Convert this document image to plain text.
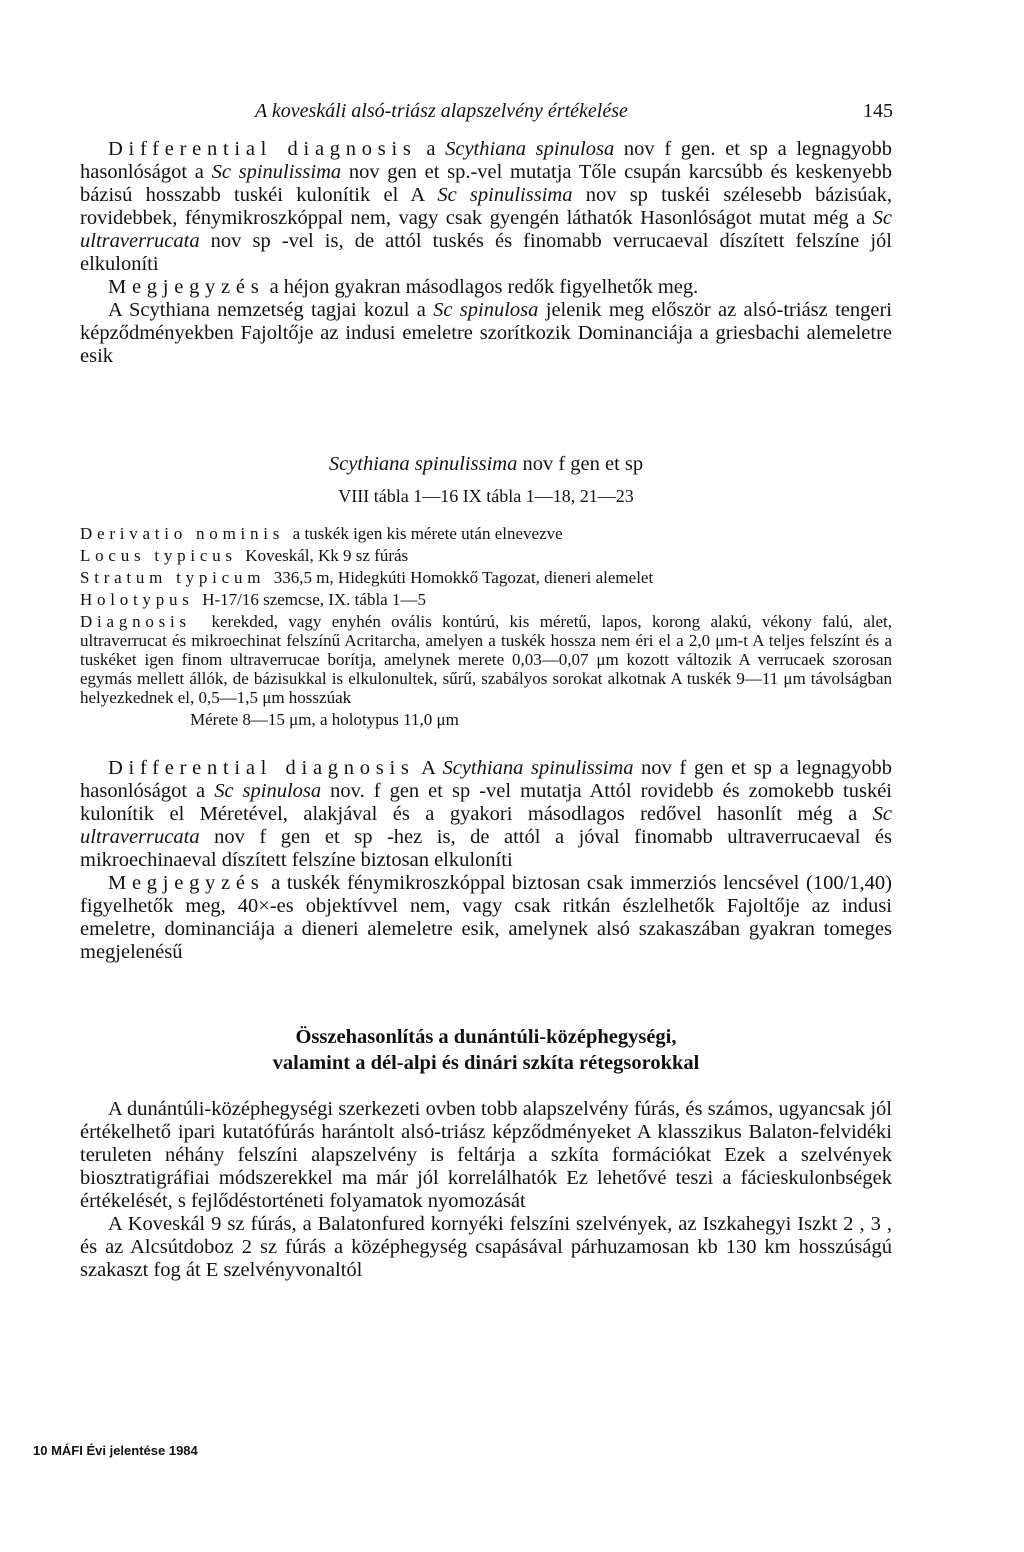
A koveskáli alsó-triász alapszelvény értékelése	145

Differential diagnosis a Scythiana spinulosa nov f gen. et sp a legnagyobb hasonlóságot a Sc spinulissima nov gen et sp.-vel mutatja Tőle csupán karcsúbb és keskenyebb bázisú hosszabb tuskéi kulonítik el A Sc spinulissima nov sp tuskéi szélesebb bázisúak, rovidebbek, fénymikroszkóppal nem, vagy csak gyengén láthatók Hasonlóságot mutat még a Sc ultraverrucata nov sp -vel is, de attól tuskés és finomabb verrucaeval díszített felszíne jól elkuloníti

Megjegyzés a héjon gyakran másodlagos redők figyelhetők meg.

A Scythiana nemzetség tagjai kozul a Sc spinulosa jelenik meg először az alsó-triász tengeri képződményekben Fajoltője az indusi emeletre szorítkozik Dominanciája a griesbachi alemeletre esik

Scythiana spinulissima nov f gen et sp

VIII tábla 1—16 IX tábla 1—18, 21—23

Derivatio nominis a tuskék igen kis mérete után elnevezve

Locus typicus Koveskál, Kk 9 sz fúrás

Stratum typicum 336,5 m, Hidegkúti Homokkő Tagozat, dieneri alemelet

Holotypus H-17/16 szemcse, IX. tábla 1—5

Diagnosis kerekded, vagy enyhén ovális kontúrú, kis méretű, lapos, korong alakú, vékony falú, alet, ultraverrucat és mikroechinat felszínű Acritarcha, amelyen a tuskék hossza nem éri el a 2,0 μm-t A teljes felszínt és a tuskéket igen finom ultraverrucae borítja, amelynek merete 0,03—0,07 μm kozott változik A verrucaek szorosan egymás mellett állók, de bázisukkal is elkulonultek, sűrű, szabályos sorokat alkotnak A tuskék 9—11 μm távolságban helyezkednek el, 0,5—1,5 μm hosszúak

Mérete 8—15 μm, a holotypus 11,0 μm

Differential diagnosis A Scythiana spinulissima nov f gen et sp a legnagyobb hasonlóságot a Sc spinulosa nov. f gen et sp -vel mutatja Attól rovidebb és zomokebb tuskéi kulonítik el Méretével, alakjával és a gyakori másodlagos redővel hasonlít még a Sc ultraverrucata nov f gen et sp -hez is, de attól a jóval finomabb ultraverrucaeval és mikroechinaeval díszített felszíne biztosan elkuloníti

Megjegyzés a tuskék fénymikroszkóppal biztosan csak immerziós lencsével (100/1,40) figyelhetők meg, 40×-es objektívvel nem, vagy csak ritkán észlelhetők Fajoltője az indusi emeletre, dominanciája a dieneri alemeletre esik, amelynek alsó szakaszában gyakran tomeges megjelenésű

Összehasonlítás a dunántúli-középhegységi,
valamint a dél-alpi és dinári szkíta rétegsorokkal

A dunántúli-középhegységi szerkezeti ovben tobb alapszelvény fúrás, és számos, ugyancsak jól értékelhető ipari kutatófúrás harántolt alsó-triász képződményeket A klasszikus Balaton-felvidéki teruleten néhány felszíni alapszelvény is feltárja a szkíta formációkat Ezek a szelvények biosztratigráfiai módszerekkel ma már jól korrelálhatók Ez lehetővé teszi a fácieskulonbségek értékelését, s fejlődéstorténeti folyamatok nyomozását

A Koveskál 9 sz fúrás, a Balatonfured kornyéki felszíni szelvények, az Iszkahegyi Iszkt 2 , 3 , és az Alcsútdoboz 2 sz fúrás a középhegység csapásával párhuzamosan kb 130 km hosszúságú szakaszt fog át E szelvényvonaltól

10 MÁFI Évi jelentése 1984
